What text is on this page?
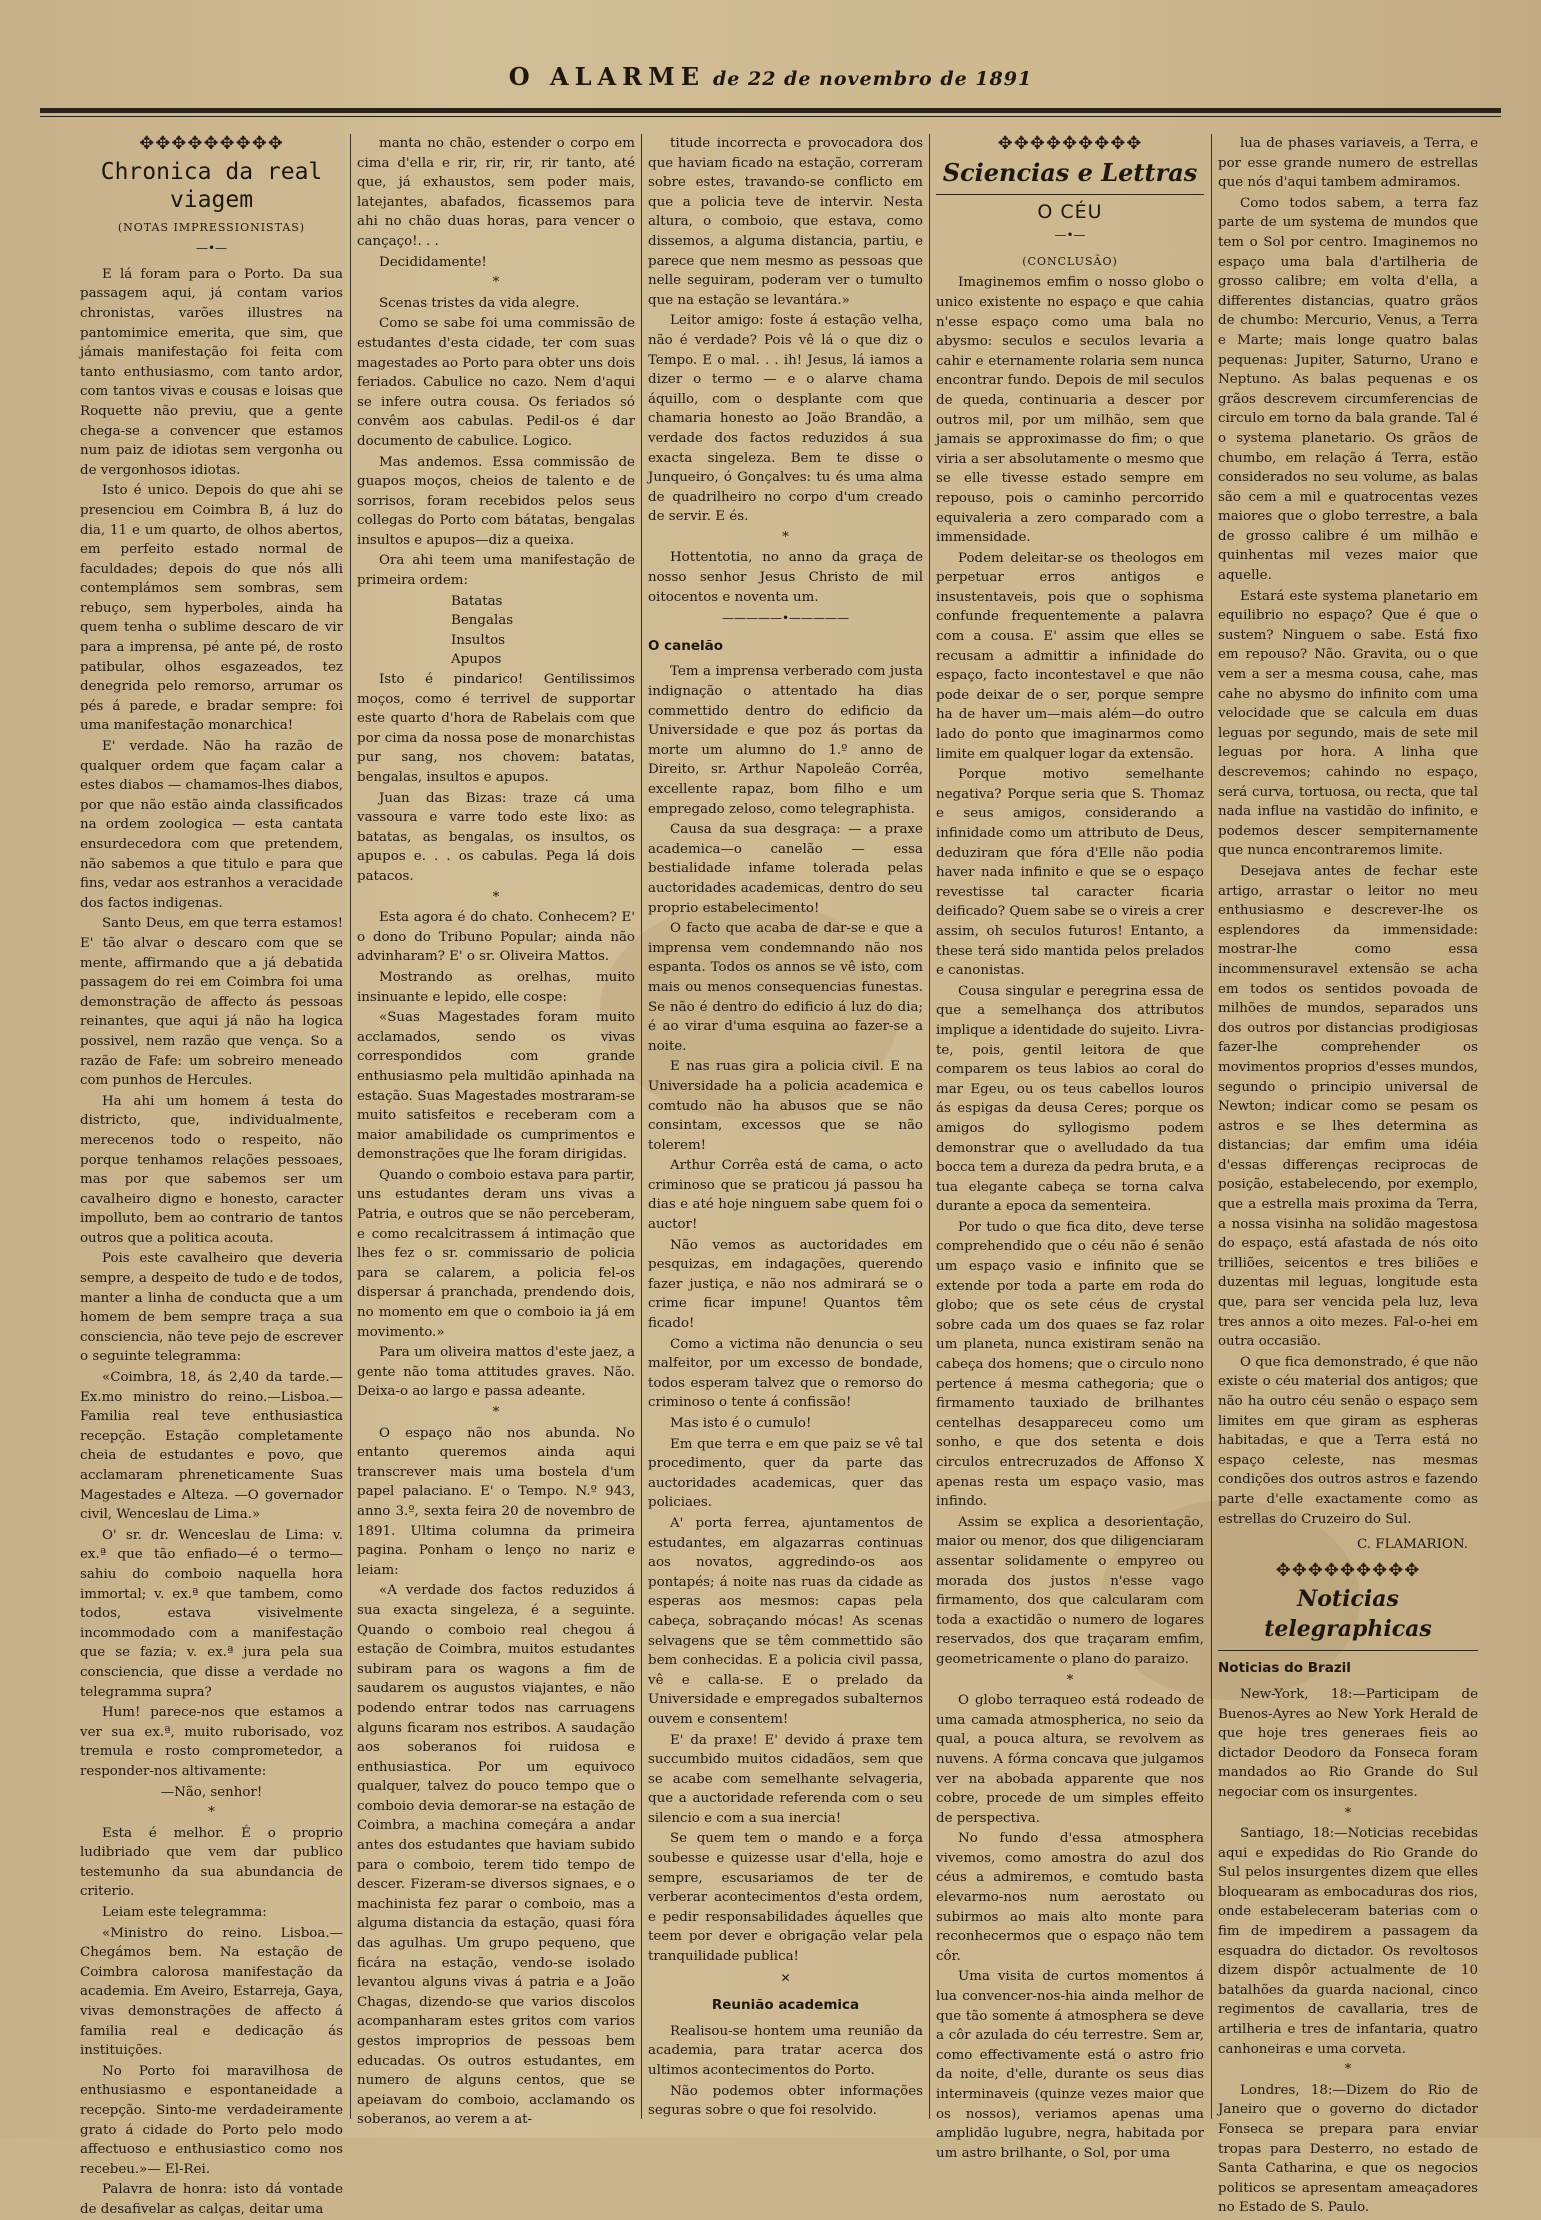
O ALARME de 22 de novembro de 1891
✥✥✥✥✥✥✥✥✥
Chronica da real viagem
(NOTAS IMPRESSIONISTAS)
—•—

E lá foram para o Porto. Da sua passagem aqui, já contam varios chronistas, varões illustres na pantomimice emerita, que sim, que jámais manifestação foi feita com tanto enthusiasmo, com tanto ardor, com tantos vivas e cousas e loisas que Roquette não previu, que a gente chega-se a convencer que estamos num paiz de idiotas sem vergonha ou de vergonhosos idiotas.

Isto é unico. Depois do que ahi se presenciou em Coimbra B, á luz do dia, 11 e um quarto, de olhos abertos, em perfeito estado normal de faculdades; depois do que nós alli contemplámos sem sombras, sem rebuço, sem hyperboles, ainda ha quem tenha o sublime descaro de vir para a imprensa, pé ante pé, de rosto patibular, olhos esgazeados, tez denegrida pelo remorso, arrumar os pés á parede, e bradar sempre: foi uma manifestação monarchica!

E' verdade. Não ha razão de qualquer ordem que façam calar a estes diabos — chamamos-lhes diabos, por que não estão ainda classificados na ordem zoologica — esta cantata ensurdecedora com que pretendem, não sabemos a que titulo e para que fins, vedar aos estranhos a veracidade dos factos indigenas.

Santo Deus, em que terra estamos! E' tão alvar o descaro com que se mente, affirmando que a já debatida passagem do rei em Coimbra foi uma demonstração de affecto ás pessoas reinantes, que aqui já não ha logica possivel, nem razão que vença. So a razão de Fafe: um sobreiro meneado com punhos de Hercules.

Ha ahi um homem á testa do districto, que, individualmente, merecenos todo o respeito, não porque tenhamos relações pessoaes, mas por que sabemos ser um cavalheiro digno e honesto, caracter impolluto, bem ao contrario de tantos outros que a politica acouta.

Pois este cavalheiro que deveria sempre, a despeito de tudo e de todos, manter a linha de conducta que a um homem de bem sempre traça a sua consciencia, não teve pejo de escrever o seguinte telegramma:

«Coimbra, 18, ás 2,40 da tarde.— Ex.mo ministro do reino.—Lisboa.— Familia real teve enthusiastica recepção. Estação completamente cheia de estudantes e povo, que acclamaram phreneticamente Suas Magestades e Alteza. —O governador civil, Wenceslau de Lima.»

O' sr. dr. Wenceslau de Lima: v. ex.ª que tão enfiado—é o termo—sahiu do comboio naquella hora immortal; v. ex.ª que tambem, como todos, estava visivelmente incommodado com a manifestação que se fazia; v. ex.ª jura pela sua consciencia, que disse a verdade no telegramma supra?

Hum! parece-nos que estamos a ver sua ex.ª, muito ruborisado, voz tremula e rosto comprometedor, a responder-nos altivamente:

—Não, senhor!

*

Esta é melhor. É o proprio ludibriado que vem dar publico testemunho da sua abundancia de criterio.

Leiam este telegramma:

«Ministro do reino. Lisboa.— Chegámos bem. Na estação de Coimbra calorosa manifestação da academia. Em Aveiro, Estarreja, Gaya, vivas demonstrações de affecto á familia real e dedicação ás instituições.

No Porto foi maravilhosa de enthusiasmo e espontaneidade a recepção. Sinto-me verdadeiramente grato á cidade do Porto pelo modo affectuoso e enthusiastico como nos recebeu.»— El-Rei.

Palavra de honra: isto dá vontade de desafivelar as calças, deitar uma

manta no chão, estender o corpo em cima d'ella e rir, rir, rir, rir tanto, até que, já exhaustos, sem poder mais, latejantes, abafados, ficassemos para ahi no chão duas horas, para vencer o cançaço!. . .

Decididamente!

*

Scenas tristes da vida alegre.

Como se sabe foi uma commissão de estudantes d'esta cidade, ter com suas magestades ao Porto para obter uns dois feriados. Cabulice no cazo. Nem d'aqui se infere outra cousa. Os feriados só convêm aos cabulas. Pedil-os é dar documento de cabulice. Logico.

Mas andemos. Essa commissão de guapos moços, cheios de talento e de sorrisos, foram recebidos pelos seus collegas do Porto com bátatas, bengalas insultos e apupos—diz a queixa.

Ora ahi teem uma manifestação de primeira ordem:

Batatas
Bengalas
Insultos
Apupos

Isto é pindarico! Gentilissimos moços, como é terrivel de supportar este quarto d'hora de Rabelais com que por cima da nossa pose de monarchistas pur sang, nos chovem: batatas, bengalas, insultos e apupos.

Juan das Bizas: traze cá uma vassoura e varre todo este lixo: as batatas, as bengalas, os insultos, os apupos e. . . os cabulas. Pega lá dois patacos.

*

Esta agora é do chato. Conhecem? E' o dono do Tribuno Popular; ainda não advinharam? E' o sr. Oliveira Mattos.

Mostrando as orelhas, muito insinuante e lepido, elle cospe:

«Suas Magestades foram muito acclamados, sendo os vivas correspondidos com grande enthusiasmo pela multidão apinhada na estação. Suas Magestades mostraram-se muito satisfeitos e receberam com a maior amabilidade os cumprimentos e demonstrações que lhe foram dirigidas.

Quando o comboio estava para partir, uns estudantes deram uns vivas a Patria, e outros que se não perceberam, e como recalcitrassem á intimação que lhes fez o sr. commissario de policia para se calarem, a policia fel-os dispersar á pranchada, prendendo dois, no momento em que o comboio ia já em movimento.»

Para um oliveira mattos d'este jaez, a gente não toma attitudes graves. Não. Deixa-o ao largo e passa adeante.

*

O espaço não nos abunda. No entanto queremos ainda aqui transcrever mais uma bostela d'um papel palaciano. E' o Tempo. N.º 943, anno 3.º, sexta feira 20 de novembro de 1891. Ultima columna da primeira pagina. Ponham o lenço no nariz e leiam:

«A verdade dos factos reduzidos á sua exacta singeleza, é a seguinte. Quando o comboio real chegou á estação de Coimbra, muitos estudantes subiram para os wagons a fim de saudarem os augustos viajantes, e não podendo entrar todos nas carruagens alguns ficaram nos estribos. A saudação aos soberanos foi ruidosa e enthusiastica. Por um equivoco qualquer, talvez do pouco tempo que o comboio devia demorar-se na estação de Coimbra, a machina começára a andar antes dos estudantes que haviam subido para o comboio, terem tido tempo de descer. Fizeram-se diversos signaes, e o machinista fez parar o comboio, mas a alguma distancia da estação, quasi fóra das agulhas. Um grupo pequeno, que ficára na estação, vendo-se isolado levantou alguns vivas á patria e a João Chagas, dizendo-se que varios discolos acompanharam estes gritos com varios gestos improprios de pessoas bem educadas. Os outros estudantes, em numero de alguns centos, que se apeiavam do comboio, acclamando os soberanos, ao verem a at-

titude incorrecta e provocadora dos que haviam ficado na estação, correram sobre estes, travando-se conflicto em que a policia teve de intervir. Nesta altura, o comboio, que estava, como dissemos, a alguma distancia, partiu, e parece que nem mesmo as pessoas que nelle seguiram, poderam ver o tumulto que na estação se levantára.»

Leitor amigo: foste á estação velha, não é verdade? Pois vê lá o que diz o Tempo. E o mal. . . ih! Jesus, lá iamos a dizer o termo — e o alarve chama áquillo, com o desplante com que chamaria honesto ao João Brandão, a verdade dos factos reduzidos á sua exacta singeleza. Bem te disse o Junqueiro, ó Gonçalves: tu és uma alma de quadrilheiro no corpo d'um creado de servir. E és.

*

Hottentotia, no anno da graça de nosso senhor Jesus Christo de mil oitocentos e noventa um.

—————•—————
O canelão

Tem a imprensa verberado com justa indignação o attentado ha dias commettido dentro do edificio da Universidade e que poz ás portas da morte um alumno do 1.º anno de Direito, sr. Arthur Napoleão Corrêa, excellente rapaz, bom filho e um empregado zeloso, como telegraphista.

Causa da sua desgraça: — a praxe academica—o canelão — essa bestialidade infame tolerada pelas auctoridades academicas, dentro do seu proprio estabelecimento!

O facto que acaba de dar-se e que a imprensa vem condemnando não nos espanta. Todos os annos se vê isto, com mais ou menos consequencias funestas. Se não é dentro do edificio á luz do dia; é ao virar d'uma esquina ao fazer-se a noite.

E nas ruas gira a policia civil. E na Universidade ha a policia academica e comtudo não ha abusos que se não consintam, excessos que se não tolerem!

Arthur Corrêa está de cama, o acto criminoso que se praticou já passou ha dias e até hoje ninguem sabe quem foi o auctor!

Não vemos as auctoridades em pesquizas, em indagações, querendo fazer justiça, e não nos admirará se o crime ficar impune! Quantos têm ficado!

Como a victima não denuncia o seu malfeitor, por um excesso de bondade, todos esperam talvez que o remorso do criminoso o tente á confissão!

Mas isto é o cumulo!

Em que terra e em que paiz se vê tal procedimento, quer da parte das auctoridades academicas, quer das policiaes.

A' porta ferrea, ajuntamentos de estudantes, em algazarras continuas aos novatos, aggredindo-os aos pontapés; á noite nas ruas da cidade as esperas aos mesmos: capas pela cabeça, sobraçando mócas! As scenas selvagens que se têm commettido são bem conhecidas. E a policia civil passa, vê e calla-se. E o prelado da Universidade e empregados subalternos ouvem e consentem!

E' da praxe! E' devido á praxe tem succumbido muitos cidadãos, sem que se acabe com semelhante selvageria, que a auctoridade referenda com o seu silencio e com a sua inercia!

Se quem tem o mando e a força soubesse e quizesse usar d'ella, hoje e sempre, escusariamos de ter de verberar acontecimentos d'esta ordem, e pedir responsabilidades áquelles que teem por dever e obrigação velar pela tranquilidade publica!

✕
Reunião academica

Realisou-se hontem uma reunião da academia, para tratar acerca dos ultimos acontecimentos do Porto.

Não podemos obter informações seguras sobre o que foi resolvido.

✥✥✥✥✥✥✥✥✥
Sciencias e Lettras
O CÉU
—•—
(CONCLUSÃO)

Imaginemos emfim o nosso globo o unico existente no espaço e que cahia n'esse espaço como uma bala no abysmo: seculos e seculos levaria a cahir e eternamente rolaria sem nunca encontrar fundo. Depois de mil seculos de queda, continuaria a descer por outros mil, por um milhão, sem que jamais se approximasse do fim; o que viria a ser absolutamente o mesmo que se elle tivesse estado sempre em repouso, pois o caminho percorrido equivaleria a zero comparado com a immensidade.

Podem deleitar-se os theologos em perpetuar erros antigos e insustentaveis, pois que o sophisma confunde frequentemente a palavra com a cousa. E' assim que elles se recusam a admittir a infinidade do espaço, facto incontestavel e que não pode deixar de o ser, porque sempre ha de haver um—mais além—do outro lado do ponto que imaginarmos como limite em qualquer logar da extensão.

Porque motivo semelhante negativa? Porque seria que S. Thomaz e seus amigos, considerando a infinidade como um attributo de Deus, deduziram que fóra d'Elle não podia haver nada infinito e que se o espaço revestisse tal caracter ficaria deificado? Quem sabe se o vireis a crer assim, oh seculos futuros! Entanto, a these terá sido mantida pelos prelados e canonistas.

Cousa singular e peregrina essa de que a semelhança dos attributos implique a identidade do sujeito. Livra-te, pois, gentil leitora de que comparem os teus labios ao coral do mar Egeu, ou os teus cabellos louros ás espigas da deusa Ceres; porque os amigos do syllogismo podem demonstrar que o avelludado da tua bocca tem a dureza da pedra bruta, e a tua elegante cabeça se torna calva durante a epoca da sementeira.

Por tudo o que fica dito, deve terse comprehendido que o céu não é senão um espaço vasio e infinito que se extende por toda a parte em roda do globo; que os sete céus de crystal sobre cada um dos quaes se faz rolar um planeta, nunca existiram senão na cabeça dos homens; que o circulo nono pertence á mesma cathegoria; que o firmamento tauxiado de brilhantes centelhas desappareceu como um sonho, e que dos setenta e dois circulos entrecruzados de Affonso X apenas resta um espaço vasio, mas infindo.

Assim se explica a desorientação, maior ou menor, dos que diligenciaram assentar solidamente o empyreo ou morada dos justos n'esse vago firmamento, dos que calcularam com toda a exactidão o numero de logares reservados, dos que traçaram emfim, geometricamente o plano do paraizo.

*

O globo terraqueo está rodeado de uma camada atmospherica, no seio da qual, a pouca altura, se revolvem as nuvens. A fórma concava que julgamos ver na abobada apparente que nos cobre, procede de um simples effeito de perspectiva.

No fundo d'essa atmosphera vivemos, como amostra do azul dos céus a admiremos, e comtudo basta elevarmo-nos num aerostato ou subirmos ao mais alto monte para reconhecermos que o espaço não tem côr.

Uma visita de curtos momentos á lua convencer-nos-hia ainda melhor de que tão somente á atmosphera se deve a côr azulada do céu terrestre. Sem ar, como effectivamente está o astro frio da noite, d'elle, durante os seus dias interminaveis (quinze vezes maior que os nossos), veriamos apenas uma amplidão lugubre, negra, habitada por um astro brilhante, o Sol, por uma

lua de phases variaveis, a Terra, e por esse grande numero de estrellas que nós d'aqui tambem admiramos.

Como todos sabem, a terra faz parte de um systema de mundos que tem o Sol por centro. Imaginemos no espaço uma bala d'artilheria de grosso calibre; em volta d'ella, a differentes distancias, quatro grãos de chumbo: Mercurio, Venus, a Terra e Marte; mais longe quatro balas pequenas: Jupiter, Saturno, Urano e Neptuno. As balas pequenas e os grãos descrevem circumferencias de circulo em torno da bala grande. Tal é o systema planetario. Os grãos de chumbo, em relação á Terra, estão considerados no seu volume, as balas são cem a mil e quatrocentas vezes maiores que o globo terrestre, a bala de grosso calibre é um milhão e quinhentas mil vezes maior que aquelle.

Estará este systema planetario em equilibrio no espaço? Que é que o sustem? Ninguem o sabe. Está fixo em repouso? Não. Gravita, ou o que vem a ser a mesma cousa, cahe, mas cahe no abysmo do infinito com uma velocidade que se calcula em duas leguas por segundo, mais de sete mil leguas por hora. A linha que descrevemos; cahindo no espaço, será curva, tortuosa, ou recta, que tal nada influe na vastidão do infinito, e podemos descer sempiternamente que nunca encontraremos limite.

Desejava antes de fechar este artigo, arrastar o leitor no meu enthusiasmo e descrever-lhe os esplendores da immensidade: mostrar-lhe como essa incommensuravel extensão se acha em todos os sentidos povoada de milhões de mundos, separados uns dos outros por distancias prodigiosas fazer-lhe comprehender os movimentos proprios d'esses mundos, segundo o principio universal de Newton; indicar como se pesam os astros e se lhes determina as distancias; dar emfim uma idéia d'essas differenças reciprocas de posição, estabelecendo, por exemplo, que a estrella mais proxima da Terra, a nossa visinha na solidão magestosa do espaço, está afastada de nós oito trilliões, seicentos e tres biliões e duzentas mil leguas, longitude esta que, para ser vencida pela luz, leva tres annos a oito mezes. Fal-o-hei em outra occasião.

O que fica demonstrado, é que não existe o céu material dos antigos; que não ha outro céu senão o espaço sem limites em que giram as espheras habitadas, e que a Terra está no espaço celeste, nas mesmas condições dos outros astros e fazendo parte d'elle exactamente como as estrellas do Cruzeiro do Sul.

C. FLAMARION.
✥✥✥✥✥✥✥✥✥
Noticias telegraphicas
Noticias do Brazil

New-York, 18:—Participam de Buenos-Ayres ao New York Herald de que hoje tres generaes fieis ao dictador Deodoro da Fonseca foram mandados ao Rio Grande do Sul negociar com os insurgentes.

*

Santiago, 18:—Noticias recebidas aqui e expedidas do Rio Grande do Sul pelos insurgentes dizem que elles bloquearam as embocaduras dos rios, onde estabeleceram baterias com o fim de impedirem a passagem da esquadra do dictador. Os revoltosos dizem dispôr actualmente de 10 batalhões da guarda nacional, cinco regimentos de cavallaria, tres de artilheria e tres de infantaria, quatro canhoneiras e uma corveta.

*

Londres, 18:—Dizem do Rio de Janeiro que o governo do dictador Fonseca se prepara para enviar tropas para Desterro, no estado de Santa Catharina, e que os negocios politicos se apresentam ameaçadores no Estado de S. Paulo.
